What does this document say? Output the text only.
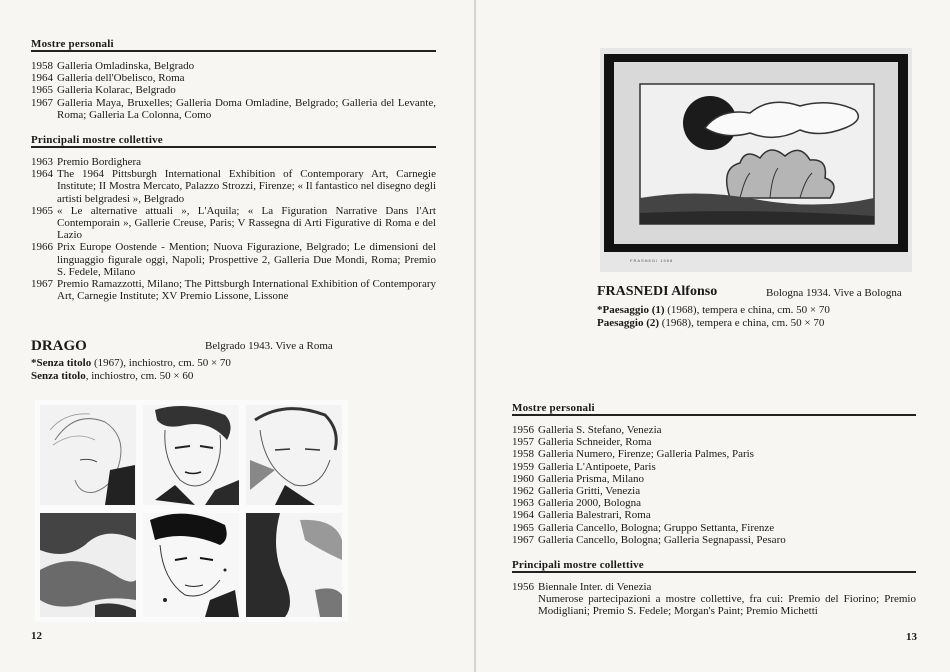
Mostre personali
1958 Galleria Omladinska, Belgrado
1964 Galleria dell'Obelisco, Roma
1965 Galleria Kolarac, Belgrado
1967 Galleria Maya, Bruxelles; Galleria Doma Omladine, Belgrado; Galleria del Levante, Roma; Galleria La Colonna, Como
Principali mostre collettive
1963 Premio Bordighera
1964 The 1964 Pittsburgh International Exhibition of Contemporary Art, Carnegie Institute; II Mostra Mercato, Palazzo Strozzi, Firenze; « Il fantastico nel disegno degli artisti belgradesi », Belgrado
1965 « Le alternative attuali », L'Aquila; « La Figuration Narrative Dans l'Art Contemporain », Gallerie Creuse, Paris; V Rassegna di Arti Figurative di Roma e del Lazio
1966 Prix Europe Oostende - Mention; Nuova Figurazione, Belgrado; Le dimensioni del linguaggio figurale oggi, Napoli; Prospettive 2, Galleria Due Mondi, Roma; Premio S. Fedele, Milano
1967 Premio Ramazzotti, Milano; The Pittsburgh International Exhibition of Contemporary Art, Carnegie Institute; XV Premio Lissone, Lissone
DRAGO	Belgrado 1943. Vive a Roma
*Senza titolo (1967), inchiostro, cm. 50 × 70
Senza titolo, inchiostro, cm. 50 × 60
12
FRASNEDI 1968
FRASNEDI Alfonso	Bologna 1934. Vive a Bologna
*Paesaggio (1) (1968), tempera e china, cm. 50 × 70
Paesaggio (2) (1968), tempera e china, cm. 50 × 70
Mostre personali
1956 Galleria S. Stefano, Venezia
1957 Galleria Schneider, Roma
1958 Galleria Numero, Firenze; Galleria Palmes, Paris
1959 Galleria L'Antipoete, Paris
1960 Galleria Prisma, Milano
1962 Galleria Gritti, Venezia
1963 Galleria 2000, Bologna
1964 Galleria Balestrari, Roma
1965 Galleria Cancello, Bologna; Gruppo Settanta, Firenze
1967 Galleria Cancello, Bologna; Galleria Segnapassi, Pesaro
Principali mostre collettive
1956 Biennale Inter. di Venezia
Numerose partecipazioni a mostre collettive, fra cui: Premio del Fiorino; Premio Modigliani; Premio S. Fedele; Morgan's Paint; Premio Michetti
13
